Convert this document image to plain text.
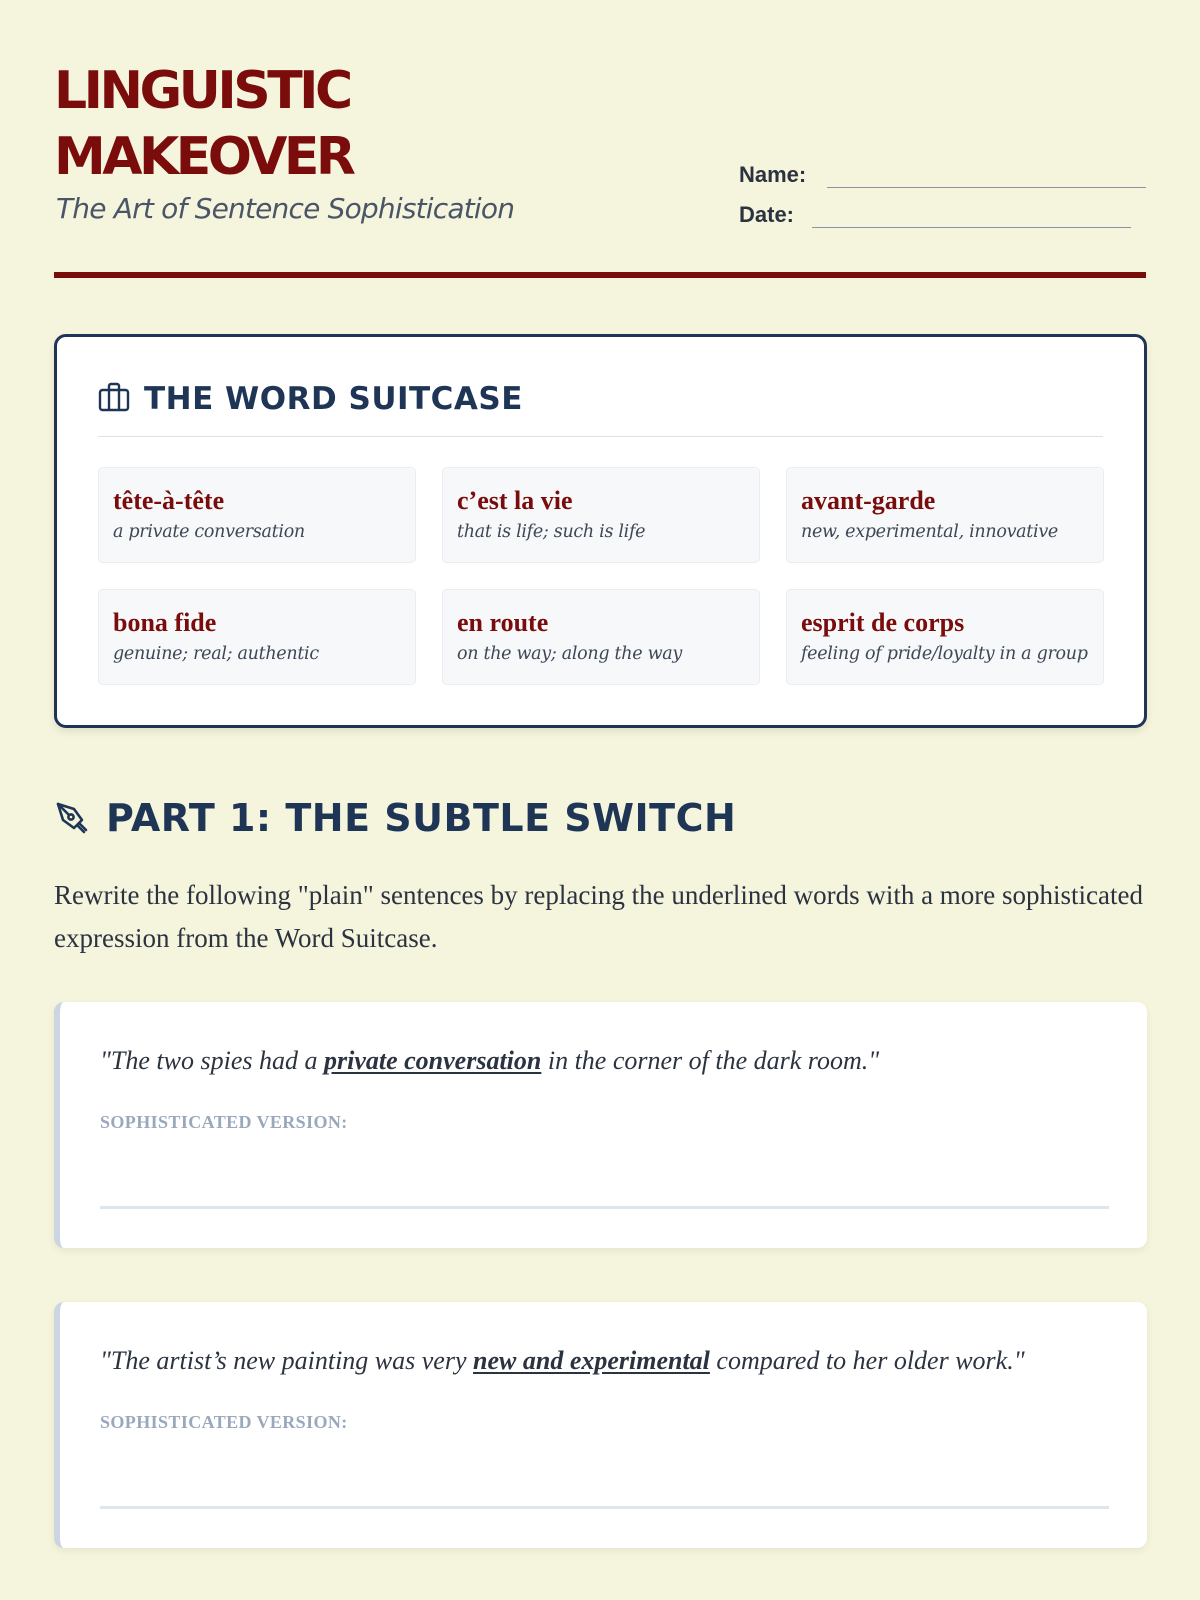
LINGUISTIC
MAKEOVER
The Art of Sentence Sophistication
Name:
Date:
THE WORD SUITCASE
tête-à-tête
a private conversation
c’est la vie
that is life; such is life
avant-garde
new, experimental, innovative
bona fide
genuine; real; authentic
en route
on the way; along the way
esprit de corps
feeling of pride/loyalty in a group
PART 1: THE SUBTLE SWITCH

Rewrite the following "plain" sentences by replacing the underlined words with a more sophisticated expression from the Word Suitcase.

"The two spies had a private conversation in the corner of the dark room."
SOPHISTICATED VERSION:
"The artist’s new painting was very new and experimental compared to her older work."
SOPHISTICATED VERSION:
